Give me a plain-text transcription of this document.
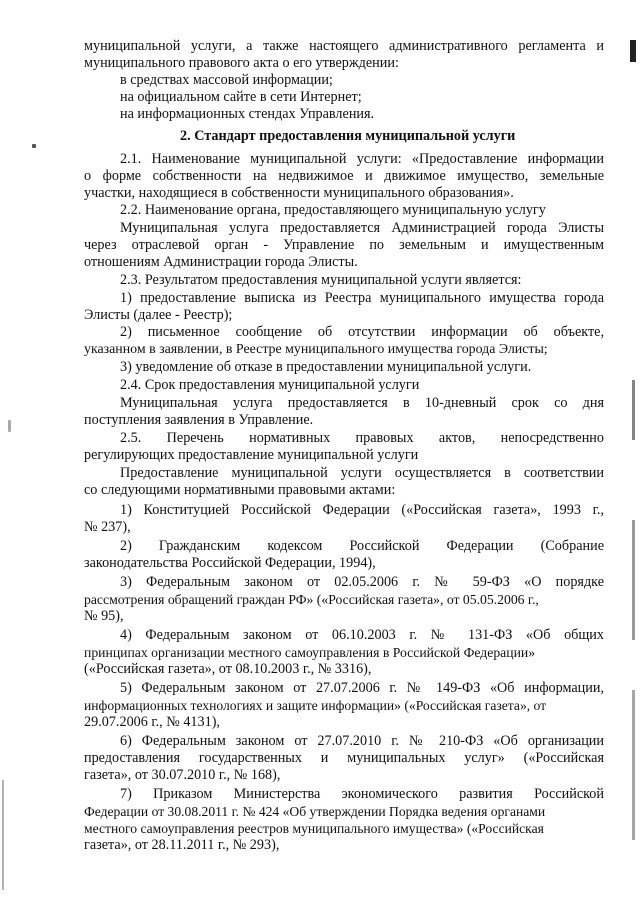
муниципальной услуги, а также настоящего административного регламента и
муниципального правового акта о его утверждении:
в средствах массовой информации;
на официальном сайте в сети Интернет;
на информационных стендах Управления.
2. Стандарт предоставления муниципальной услуги
2.1. Наименование муниципальной услуги: «Предоставление информации
о форме собственности на недвижимое и движимое имущество, земельные
участки, находящиеся в собственности муниципального образования».
2.2. Наименование органа, предоставляющего муниципальную услугу
Муниципальная услуга предоставляется Администрацией города Элисты
через отраслевой орган - Управление по земельным и имущественным
отношениям Администрации города Элисты.
2.3. Результатом предоставления муниципальной услуги является:
1) предоставление выписка из Реестра муниципального имущества города
Элисты (далее - Реестр);
2) письменное сообщение об отсутствии информации об объекте,
указанном в заявлении, в Реестре муниципального имущества города Элисты;
3) уведомление об отказе в предоставлении муниципальной услуги.
2.4. Срок предоставления муниципальной услуги
Муниципальная услуга предоставляется в 10-дневный срок со дня
поступления заявления в Управление.
2.5. Перечень нормативных правовых актов, непосредственно
регулирующих предоставление муниципальной услуги
Предоставление муниципальной услуги осуществляется в соответствии
со следующими нормативными правовыми актами:
1) Конституцией Российской Федерации («Российская газета», 1993 г.,
№ 237),
2) Гражданским кодексом Российской Федерации (Собрание
законодательства Российской Федерации, 1994),
3) Федеральным законом от 02.05.2006 г. № 59-ФЗ «О порядке
рассмотрения обращений граждан РФ» («Российская газета», от 05.05.2006 г.,
№ 95),
4) Федеральным законом от 06.10.2003 г. № 131-ФЗ «Об общих
принципах организации местного самоуправления в Российской Федерации»
(«Российская газета», от 08.10.2003 г., № 3316),
5) Федеральным законом от 27.07.2006 г. № 149-ФЗ «Об информации,
информационных технологиях и защите информации» («Российская газета», от
29.07.2006 г., № 4131),
6) Федеральным законом от 27.07.2010 г. № 210-ФЗ «Об организации
предоставления государственных и муниципальных услуг» («Российская
газета», от 30.07.2010 г., № 168),
7) Приказом Министерства экономического развития Российской
Федерации от 30.08.2011 г. № 424 «Об утверждении Порядка ведения органами
местного самоуправления реестров муниципального имущества» («Российская
газета», от 28.11.2011 г., № 293),
